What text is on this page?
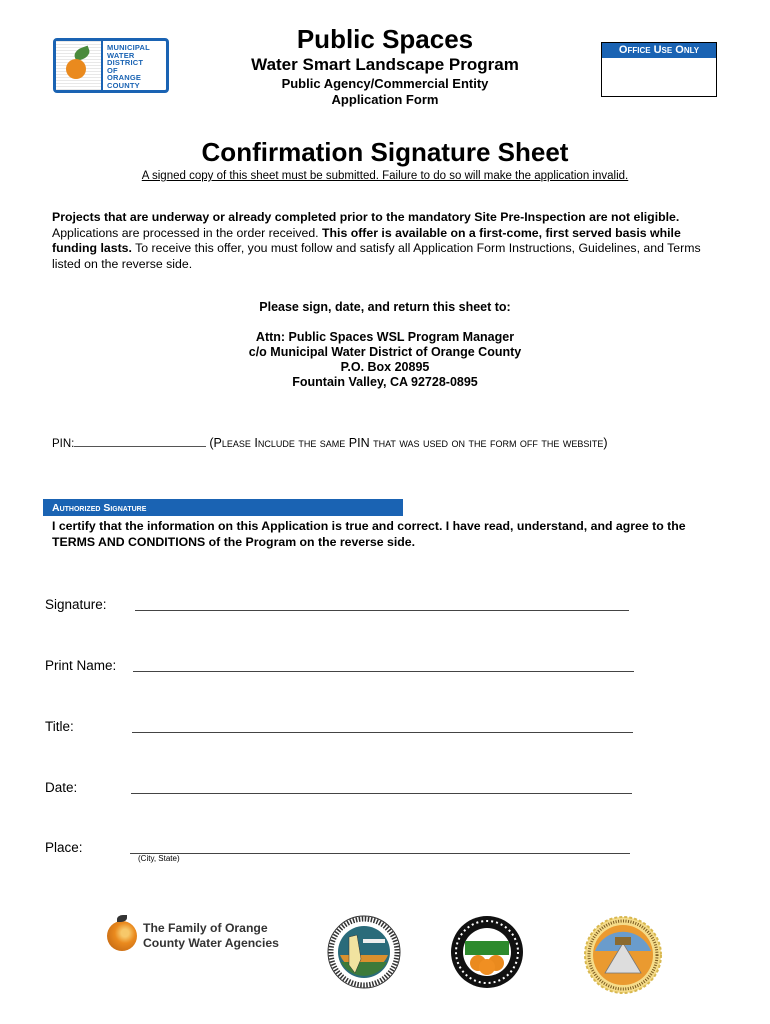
MUNICIPAL
WATER
DISTRICT
OF
ORANGE
COUNTY
Public Spaces
Water Smart Landscape Program
Public Agency/Commercial Entity
Application Form
Office Use Only
Confirmation Signature Sheet
A signed copy of this sheet must be submitted. Failure to do so will make the application invalid.
Projects that are underway or already completed prior to the mandatory Site Pre-Inspection are not eligible. Applications are processed in the order received. This offer is available on a first-come, first served basis while funding lasts. To receive this offer, you must follow and satisfy all Application Form Instructions, Guidelines, and Terms listed on the reverse side.
Please sign, date, and return this sheet to:
Attn: Public Spaces WSL Program Manager
c/o Municipal Water District of Orange County
P.O. Box 20895
Fountain Valley, CA 92728-0895
PIN:	(Please Include the same PIN that was used on the form off the website)
Authorized Signature
I certify that the information on this Application is true and correct. I have read, understand, and agree to the TERMS AND CONDITIONS of the Program on the reverse side.
Signature:
Print Name:
Title:
Date:
Place:
(City, State)
The Family of Orange
County Water Agencies
